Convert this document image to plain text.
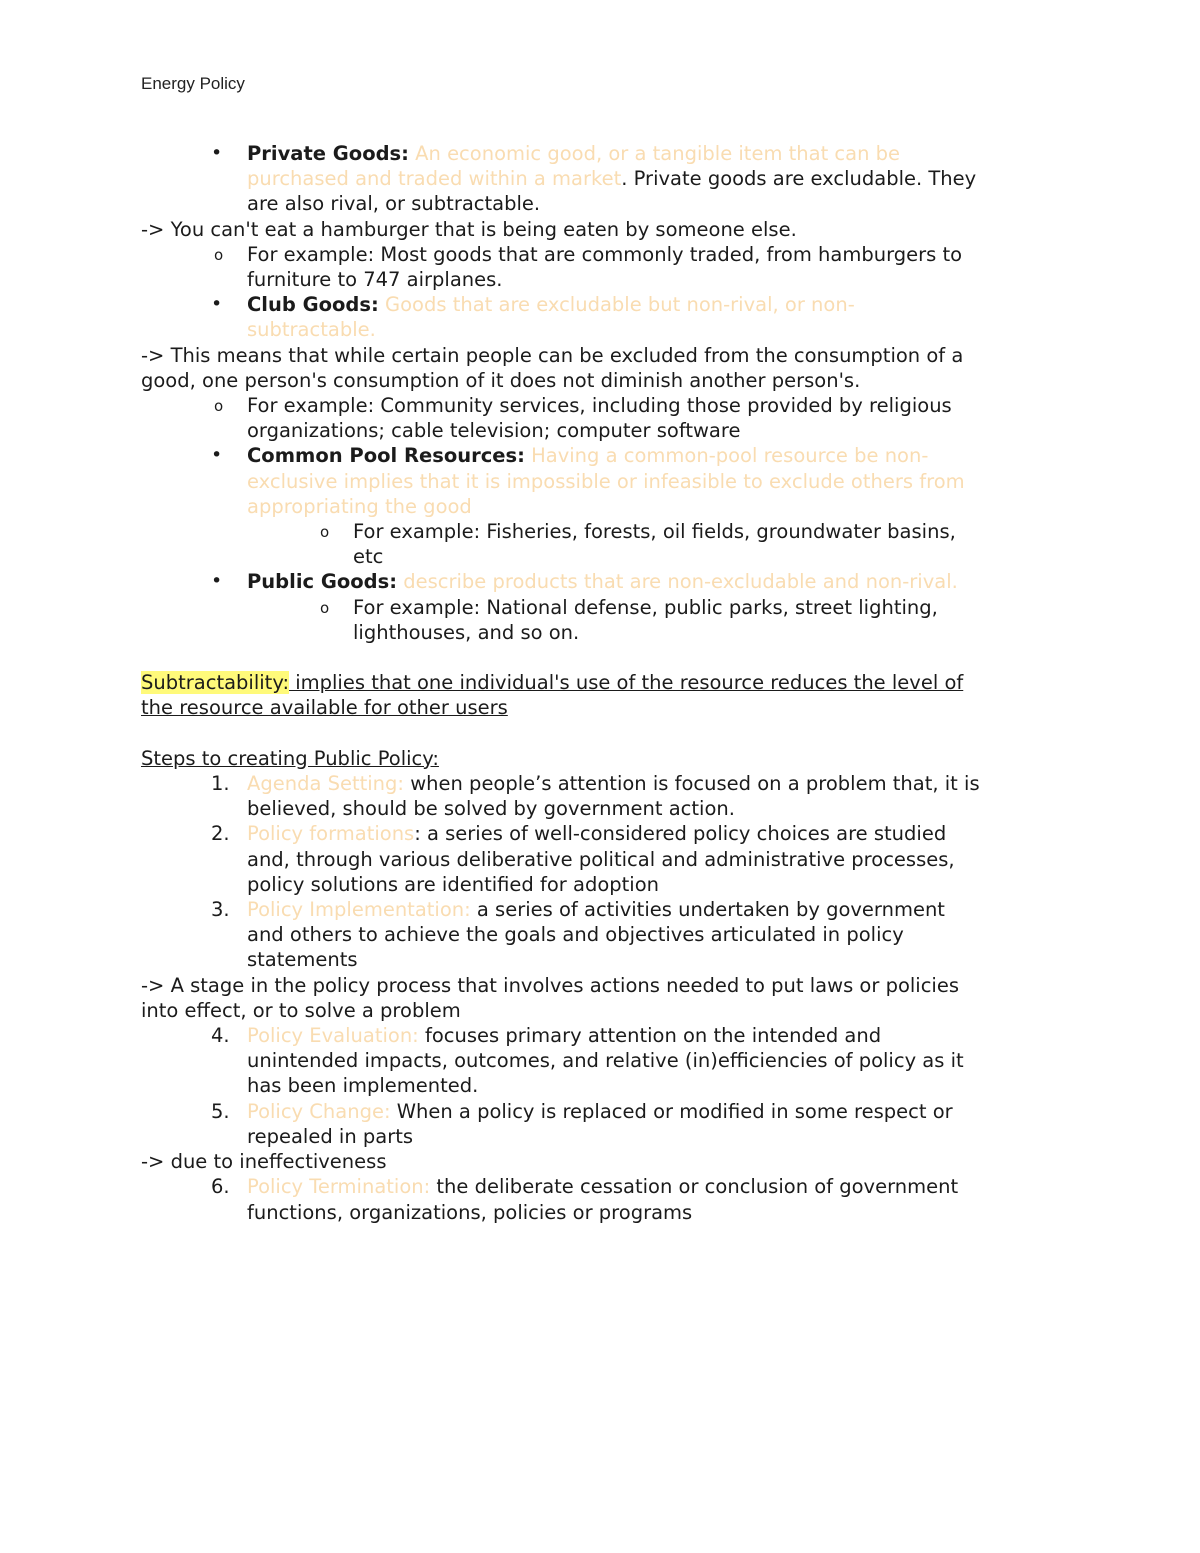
Energy Policy
• Private Goods: An economic good, or a tangible item that can be
purchased and traded within a market. Private goods are excludable. They
are also rival, or subtractable.
-> You can't eat a hamburger that is being eaten by someone else.
o For example: Most goods that are commonly traded, from hamburgers to
furniture to 747 airplanes.
• Club Goods: Goods that are excludable but non-rival, or non-
subtractable.
-> This means that while certain people can be excluded from the consumption of a
good, one person's consumption of it does not diminish another person's.
o For example: Community services, including those provided by religious
organizations; cable television; computer software
• Common Pool Resources: Having a common-pool resource be non-
exclusive implies that it is impossible or infeasible to exclude others from
appropriating the good
o For example: Fisheries, forests, oil fields, groundwater basins,
etc
• Public Goods: describe products that are non-excludable and non-rival.
o For example: National defense, public parks, street lighting,
lighthouses, and so on.
Subtractability: implies that one individual's use of the resource reduces the level of
the resource available for other users
Steps to creating Public Policy:
1. Agenda Setting: when people’s attention is focused on a problem that, it is
believed, should be solved by government action.
2. Policy formations: a series of well-considered policy choices are studied
and, through various deliberative political and administrative processes,
policy solutions are identified for adoption
3. Policy Implementation: a series of activities undertaken by government
and others to achieve the goals and objectives articulated in policy
statements
-> A stage in the policy process that involves actions needed to put laws or policies
into effect, or to solve a problem
4. Policy Evaluation: focuses primary attention on the intended and
unintended impacts, outcomes, and relative (in)efficiencies of policy as it
has been implemented.
5. Policy Change: When a policy is replaced or modified in some respect or
repealed in parts
-> due to ineffectiveness
6. Policy Termination: the deliberate cessation or conclusion of government
functions, organizations, policies or programs
